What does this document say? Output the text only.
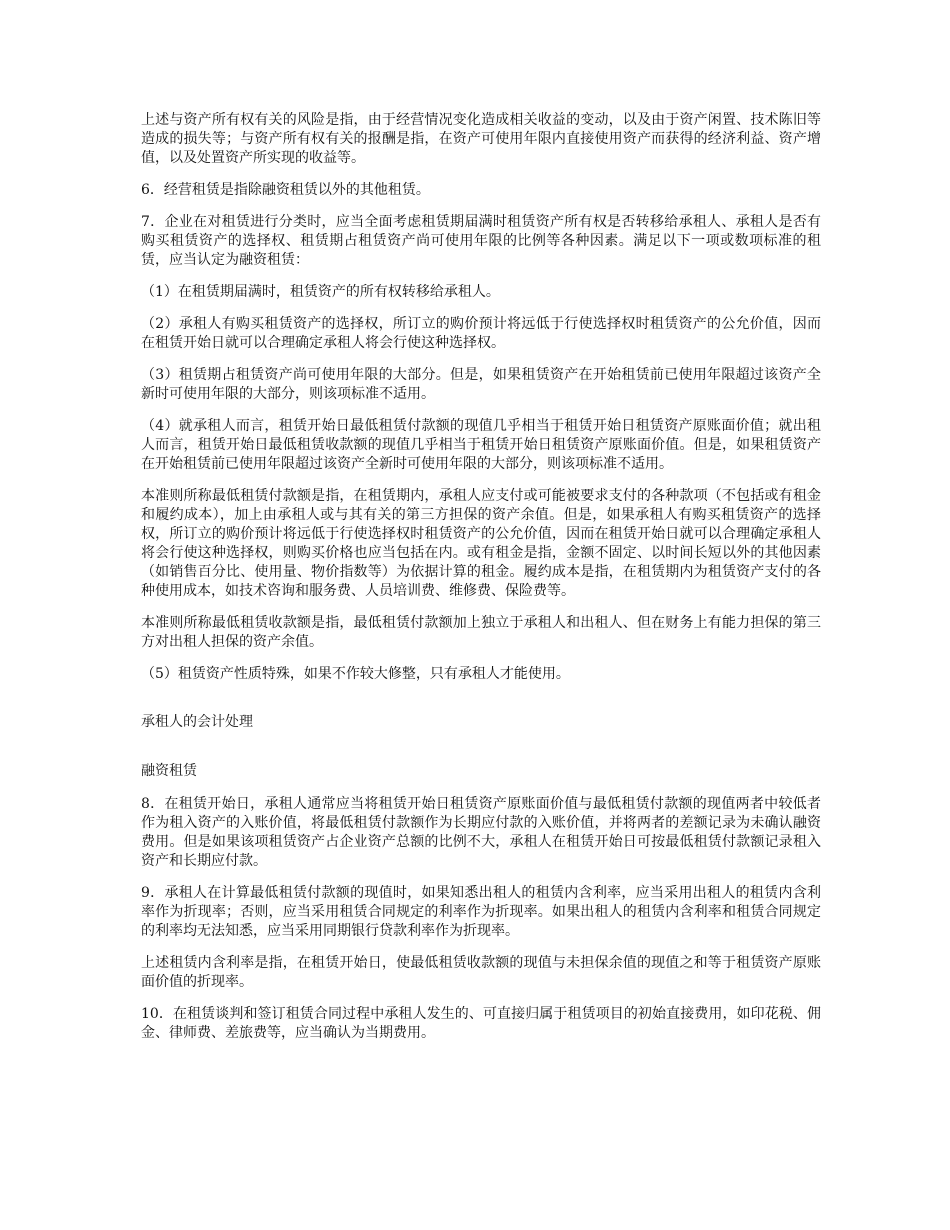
上述与资产所有权有关的风险是指，由于经营情况变化造成相关收益的变动，以及由于资产闲置、技术陈旧等造成的损失等；与资产所有权有关的报酬是指，在资产可使用年限内直接使用资产而获得的经济利益、资产增值，以及处置资产所实现的收益等。

6．经营租赁是指除融资租赁以外的其他租赁。

7．企业在对租赁进行分类时，应当全面考虑租赁期届满时租赁资产所有权是否转移给承租人、承租人是否有购买租赁资产的选择权、租赁期占租赁资产尚可使用年限的比例等各种因素。满足以下一项或数项标准的租赁，应当认定为融资租赁：

（1）在租赁期届满时，租赁资产的所有权转移给承租人。

（2）承租人有购买租赁资产的选择权，所订立的购价预计将远低于行使选择权时租赁资产的公允价值，因而在租赁开始日就可以合理确定承租人将会行使这种选择权。

（3）租赁期占租赁资产尚可使用年限的大部分。但是，如果租赁资产在开始租赁前已使用年限超过该资产全新时可使用年限的大部分，则该项标准不适用。

（4）就承租人而言，租赁开始日最低租赁付款额的现值几乎相当于租赁开始日租赁资产原账面价值；就出租人而言，租赁开始日最低租赁收款额的现值几乎相当于租赁开始日租赁资产原账面价值。但是，如果租赁资产在开始租赁前已使用年限超过该资产全新时可使用年限的大部分，则该项标准不适用。

本准则所称最低租赁付款额是指，在租赁期内，承租人应支付或可能被要求支付的各种款项（不包括或有租金和履约成本），加上由承租人或与其有关的第三方担保的资产余值。但是，如果承租人有购买租赁资产的选择权，所订立的购价预计将远低于行使选择权时租赁资产的公允价值，因而在租赁开始日就可以合理确定承租人将会行使这种选择权，则购买价格也应当包括在内。或有租金是指，金额不固定、以时间长短以外的其他因素（如销售百分比、使用量、物价指数等）为依据计算的租金。履约成本是指，在租赁期内为租赁资产支付的各种使用成本，如技术咨询和服务费、人员培训费、维修费、保险费等。

本准则所称最低租赁收款额是指，最低租赁付款额加上独立于承租人和出租人、但在财务上有能力担保的第三方对出租人担保的资产余值。

（5）租赁资产性质特殊，如果不作较大修整，只有承租人才能使用。

承租人的会计处理

融资租赁

8．在租赁开始日，承租人通常应当将租赁开始日租赁资产原账面价值与最低租赁付款额的现值两者中较低者作为租入资产的入账价值，将最低租赁付款额作为长期应付款的入账价值，并将两者的差额记录为未确认融资费用。但是如果该项租赁资产占企业资产总额的比例不大，承租人在租赁开始日可按最低租赁付款额记录租入资产和长期应付款。

9．承租人在计算最低租赁付款额的现值时，如果知悉出租人的租赁内含利率，应当采用出租人的租赁内含利率作为折现率；否则，应当采用租赁合同规定的利率作为折现率。如果出租人的租赁内含利率和租赁合同规定的利率均无法知悉，应当采用同期银行贷款利率作为折现率。

上述租赁内含利率是指，在租赁开始日，使最低租赁收款额的现值与未担保余值的现值之和等于租赁资产原账面价值的折现率。

10．在租赁谈判和签订租赁合同过程中承租人发生的、可直接归属于租赁项目的初始直接费用，如印花税、佣金、律师费、差旅费等，应当确认为当期费用。
